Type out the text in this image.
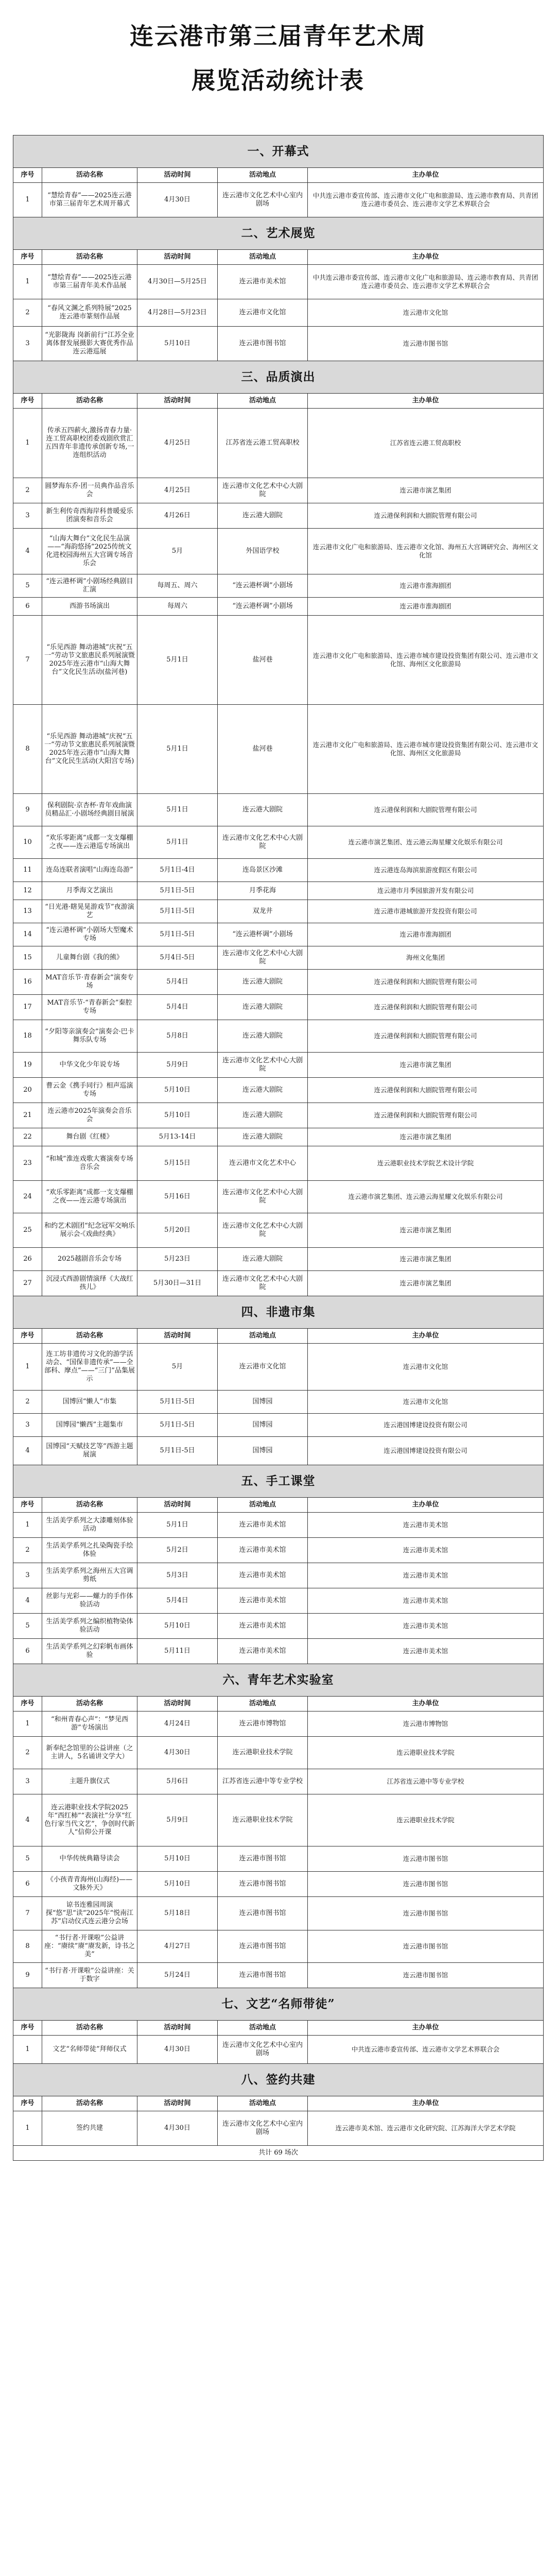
连云港市第三届青年艺术周
展览活动统计表
一、开幕式				
序号	活动名称	活动时间	活动地点	主办单位
1	“慧绘青春”——2025连云港市第三届青年艺术周开幕式	4月30日	连云港市文化艺术中心室内剧场	中共连云港市委宣传部、连云港市文化广电和旅游局、连云港市教育局、共青团连云港市委员会、连云港市文学艺术界联合会
二、艺术展览				
序号	活动名称	活动时间	活动地点	主办单位
1	“慧绘青春”——2025连云港市第三届青年美术作品展	4月30日—5月25日	连云港市美术馆	中共连云港市委宣传部、连云港市文化广电和旅游局、连云港市教育局、共青团连云港市委员会、连云港市文学艺术界联合会
2	“春风文渊之系列特展”2025连云港市篆刻作品展	4月28日—5月23日	连云港市文化馆	连云港市文化馆
3	“光影陇海 岗新前行”江苏全业离体督发展摄影大赛优秀作品连云港巡展	5月10日	连云港市图书馆	连云港市图书馆
三、品质演出				
序号	活动名称	活动时间	活动地点	主办单位
1	传承五四薪火,激扬青春力量·连工贸高职校团委戏剧欣赏汇五四青年非遗传承创新专场,一连组织活动	4月25日	江苏省连云港工贸高职校	江苏省连云港工贸高职校
2	圆梦海东乔·团一员典作品音乐会	4月25日	连云港市文化艺术中心大剧院	连云港市演艺集团
3	新生利传奇西海岸科普暖爱乐团演奏和音乐会	4月26日	连云港大剧院	连云港保利润和大剧院管理有限公司
4	“山海大舞台”文化民生品演——“海韵悠扬”2025传统文化进校园海州五大宫调专场音乐会	5月	外国语学校	连云港市文化广电和旅游局、连云港市文化馆、海州五大宫调研究会、海州区文化馆
5	“连云港杯调”小剧场经典剧目汇演	每周五、周六	“连云港杯调”小剧场	连云港市淮海剧团
6	西游书场演出	每周六	“连云港杯调”小剧场	连云港市淮海剧团
7	“乐见西游 舞动港城”庆祝“五一”劳动节文旅惠民系列展演暨2025年连云港市“山海大舞台”文化民生活动(盐河巷)	5月1日	盐河巷	连云港市文化广电和旅游局、连云港市城市建设投资集团有限公司、连云港市文化馆、海州区文化旅游局
8	“乐见西游 舞动港城”庆祝“五一”劳动节文旅惠民系列展演暨2025年连云港市“山海大舞台”文化民生活动(大阳宫专场)	5月1日	盐河巷	连云港市文化广电和旅游局、连云港市城市建设投资集团有限公司、连云港市文化馆、海州区文化旅游局
9	保利剧院·京杏杯·青年戏曲演员精品汇·小剧场经典剧目展演	5月1日	连云港大剧院	连云港保利润和大剧院管理有限公司
10	“欢乐零距离”成都一支支爆棚之夜——连云港巡专场演出	5月1日	连云港市文化艺术中心大剧院	连云港市演艺集团、连云港云海星耀文化娱乐有限公司
11	连岛连联者演唱“山海连岛游”	5月1日-4日	连岛景区沙滩	连云港连岛海滨旅游度假区有限公司
12	月季海文艺演出	5月1日-5日	月季花海	连云港市月季园旅游开发有限公司
13	“日光港·瞎晃晃游戏节”夜游演艺	5月1日-5日	双龙井	连云港市港城旅游开发投资有限公司
14	“连云港杯调”小剧场大型魔术专场	5月1日-5日	“连云港杯调”小剧场	连云港市淮海剧团
15	儿童舞台剧《我的熊》	5月4日-5日	连云港市文化艺术中心大剧院	海州文化集团
16	MAT音乐节·青春新会”演奏专场	5月4日	连云港大剧院	连云港保利润和大剧院管理有限公司
17	MAT音乐节·“青春新会”秦腔专场	5月4日	连云港大剧院	连云港保利润和大剧院管理有限公司
18	“夕阳等亲演奏会”演奏会·巴卡舞乐队专场	5月8日	连云港大剧院	连云港保利润和大剧院管理有限公司
19	中华文化少年说专场	5月9日	连云港市文化艺术中心大剧院	连云港市演艺集团
20	曹云金《携手同行》相声巡演专场	5月10日	连云港大剧院	连云港保利润和大剧院管理有限公司
21	连云港市2025年演奏会音乐会	5月10日	连云港大剧院	连云港保利润和大剧院管理有限公司
22	舞台剧《红楼》	5月13-14日	连云港大剧院	连云港市演艺集团
23	“和城”淮连戏歌大赛演奏专场音乐会	5月15日	连云港市文化艺术中心	连云港职业技术学院艺术设计学院
24	“欢乐零距离”成都一支支爆棚之夜——连云港专场演出	5月16日	连云港市文化艺术中心大剧院	连云港市演艺集团、连云港云海星耀文化娱乐有限公司
25	和约艺术剧团“纪念冠军交响乐展示会·《戏曲经典》	5月20日	连云港市文化艺术中心大剧院	连云港市演艺集团
26	2025越剧音乐会专场	5月23日	连云港大剧院	连云港市演艺集团
27	沉浸式西游剧情演绎《大战红孩儿》	5月30日—31日	连云港市文化艺术中心大剧院	连云港市演艺集团
四、非遗市集				
序号	活动名称	活动时间	活动地点	主办单位
1	连工坊非遗传习文化的游学活动会、“国保非遗传承”——全部科、摩点”——“三门”品集展示	5月	连云港市文化馆	连云港市文化馆
2	国博回“懒人”市集	5月1日-5日	国博园	连云港市文化馆
3	国博园“懒西”主题集市	5月1日-5日	国博园	连云港国博建设投资有限公司
4	国博园“天赋技艺等”西游主题展演	5月1日-5日	国博园	连云港国博建设投资有限公司
五、手工课堂				
序号	活动名称	活动时间	活动地点	主办单位
1	生活美学系列之大漆雕刻体验活动	5月1日	连云港市美术馆	连云港市美术馆
2	生活美学系列之扎染陶瓷手绘体验	5月2日	连云港市美术馆	连云港市美术馆
3	生活美学系列之海州五大宫调剪纸	5月3日	连云港市美术馆	连云港市美术馆
4	丝影与光彩——螺力的手作体验活动	5月4日	连云港市美术馆	连云港市美术馆
5	生活美学系列之编织植物染体验活动	5月10日	连云港市美术馆	连云港市美术馆
6	生活美学系列之幻彩帆布画体验	5月11日	连云港市美术馆	连云港市美术馆
六、青年艺术实验室				
序号	活动名称	活动时间	活动地点	主办单位
1	“和州青春心声”：“梦见西游”专场演出	4月24日	连云港市博物馆	连云港市博物馆
2	新奉纪念馆里的公益讲座（之主讲人，5名诵讲文学大）	4月30日	连云港职业技术学院	连云港职业技术学院
3	主题升旗仪式	5月6日	江苏省连云港中等专业学校	江苏省连云港中等专业学校
4	连云港职业技术学院2025年“西红柿”“表演社”分享“红色行家当代文艺”，争创时代新人“信仰公开课	5月9日	连云港职业技术学院	连云港职业技术学院
5	中华传统典籍导读会	5月10日	连云港市图书馆	连云港市图书馆
6	《小孩青青海州(山海经)——文脉外天》	5月10日	连云港市图书馆	连云港市图书馆
7	谅书连雅园周演 探“悠”思“读“2025年“悦南江苏”启动仪式连云港分会场	5月18日	连云港市图书馆	连云港市图书馆
8	“书行者·开课啦”公益讲座：“赓续”赓“赓发新，诗书之美”	4月27日	连云港市图书馆	连云港市图书馆
9	“书行者·开课啦”公益讲座：关于数字	5月24日	连云港市图书馆	连云港市图书馆
七、文艺“名师带徒”				
序号	活动名称	活动时间	活动地点	主办单位
1	文艺“名师带徒”拜师仪式	4月30日	连云港市文化艺术中心室内剧场	中共连云港市委宣传部、连云港市文学艺术界联合会
八、签约共建				
序号	活动名称	活动时间	活动地点	主办单位
1	签约共建	4月30日	连云港市文化艺术中心室内剧场	连云港市美术馆、连云港市文化研究院、江苏海洋大学艺术学院
共计 69 场次				
